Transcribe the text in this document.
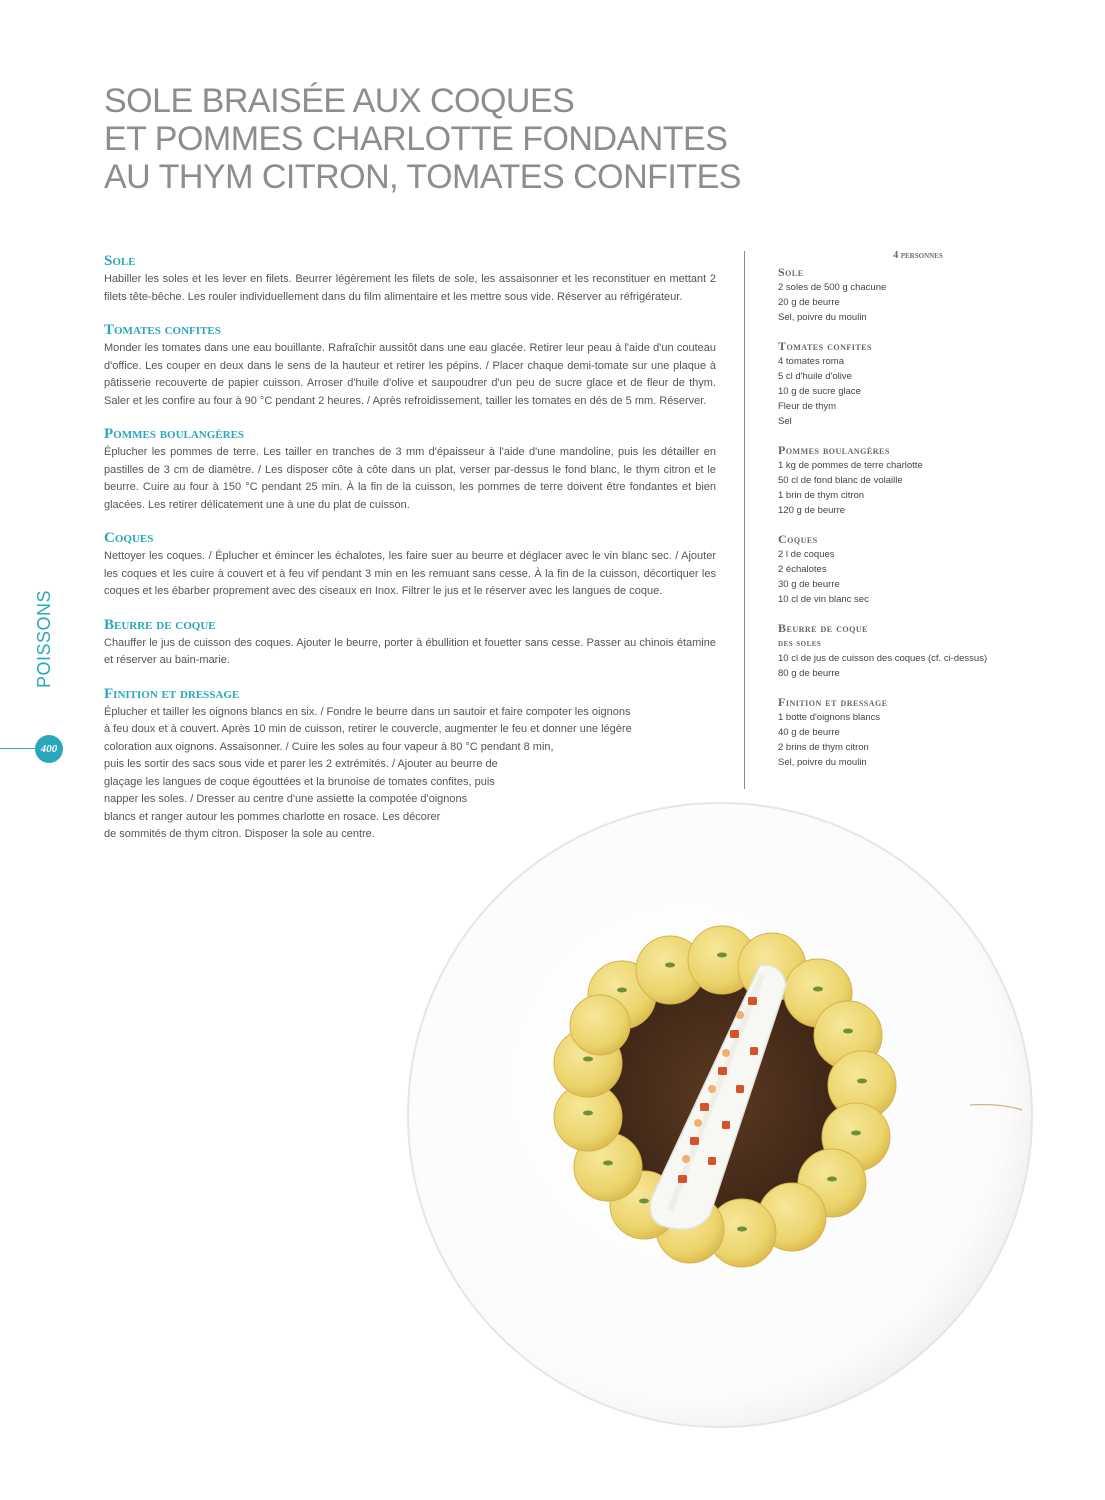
SOLE BRAISÉE AUX COQUES
ET POMMES CHARLOTTE FONDANTES
AU THYM CITRON, TOMATES CONFITES
Sole

Habiller les soles et les lever en filets. Beurrer légèrement les filets de sole, les assaisonner et les reconstituer en mettant 2 filets tête-bêche. Les rouler individuellement dans du film alimentaire et les mettre sous vide. Réserver au réfrigérateur.

Tomates confites

Monder les tomates dans une eau bouillante. Rafraîchir aussitôt dans une eau glacée. Retirer leur peau à l'aide d'un couteau d'office. Les couper en deux dans le sens de la hauteur et retirer les pépins. / Placer chaque demi-tomate sur une plaque à pâtisserie recouverte de papier cuisson. Arroser d'huile d'olive et saupoudrer d'un peu de sucre glace et de fleur de thym. Saler et les confire au four à 90 °C pendant 2 heures. / Après refroidissement, tailler les tomates en dés de 5 mm. Réserver.

Pommes boulangères

Éplucher les pommes de terre. Les tailler en tranches de 3 mm d'épaisseur à l'aide d'une mandoline, puis les détailler en pastilles de 3 cm de diamètre. / Les disposer côte à côte dans un plat, verser par-dessus le fond blanc, le thym citron et le beurre. Cuire au four à 150 °C pendant 25 min. À la fin de la cuisson, les pommes de terre doivent être fondantes et bien glacées. Les retirer délicatement une à une du plat de cuisson.

Coques

Nettoyer les coques. / Éplucher et émincer les échalotes, les faire suer au beurre et déglacer avec le vin blanc sec. / Ajouter les coques et les cuire à couvert et à feu vif pendant 3 min en les remuant sans cesse. À la fin de la cuisson, décortiquer les coques et les ébarber proprement avec des ciseaux en Inox. Filtrer le jus et le réserver avec les langues de coque.

Beurre de coque

Chauffer le jus de cuisson des coques. Ajouter le beurre, porter à ébullition et fouetter sans cesse. Passer au chinois étamine et réserver au bain-marie.

Finition et dressage
Éplucher et tailler les oignons blancs en six. / Fondre le beurre dans un sautoir et faire compoter les oignons
à feu doux et à couvert. Après 10 min de cuisson, retirer le couvercle, augmenter le feu et donner une légère
coloration aux oignons. Assaisonner. / Cuire les soles au four vapeur à 80 °C pendant 8 min,
puis les sortir des sacs sous vide et parer les 2 extrémités. / Ajouter au beurre de
glaçage les langues de coque égouttées et la brunoise de tomates confites, puis
napper les soles. / Dresser au centre d'une assiette la compotée d'oignons
blancs et ranger autour les pommes charlotte en rosace. Les décorer
de sommités de thym citron. Disposer la sole au centre.
4 personnes
Sole
2 soles de 500 g chacune
20 g de beurre
Sel, poivre du moulin
Tomates confites
4 tomates roma
5 cl d'huile d'olive
10 g de sucre glace
Fleur de thym
Sel
Pommes boulangères
1 kg de pommes de terre charlotte
50 cl de fond blanc de volaille
1 brin de thym citron
120 g de beurre
Coques
2 l de coques
2 échalotes
30 g de beurre
10 cl de vin blanc sec
Beurre de coque
des soles
10 cl de jus de cuisson des coques (cf. ci-dessus)
80 g de beurre
Finition et dressage
1 botte d'oignons blancs
40 g de beurre
2 brins de thym citron
Sel, poivre du moulin
POISSONS
400
